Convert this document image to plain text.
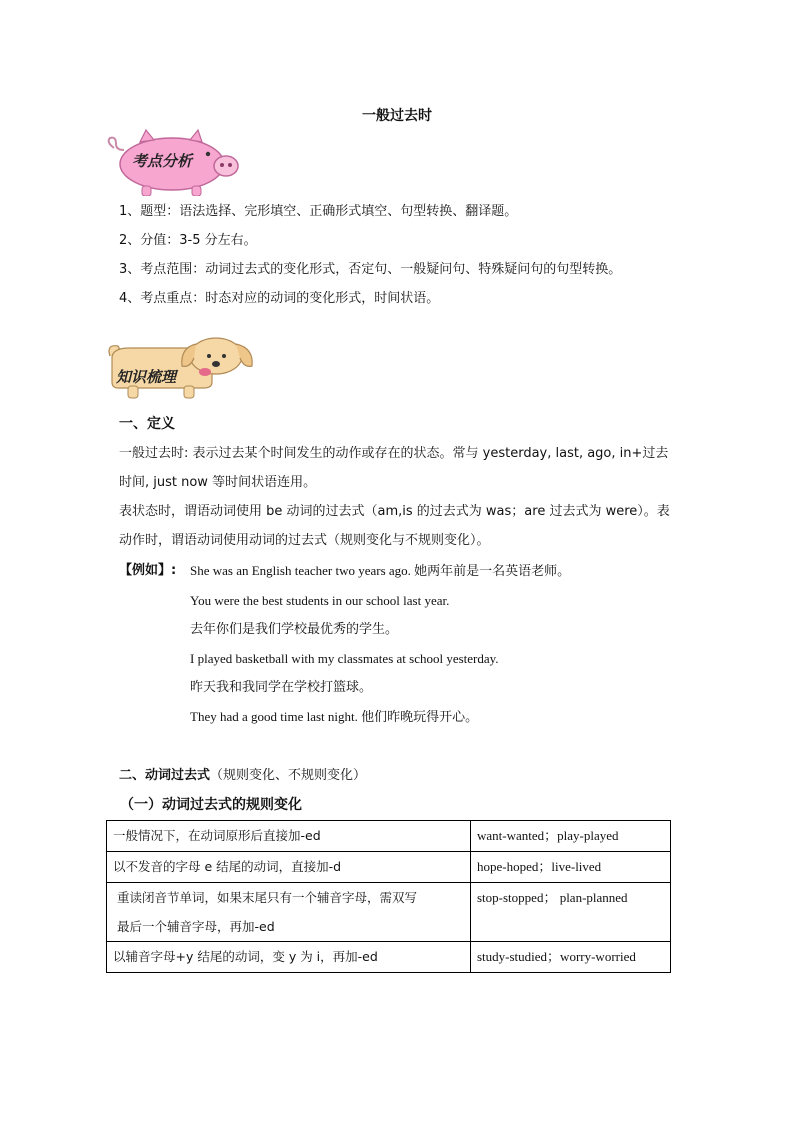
一般过去时
考点分析
1、题型：语法选择、完形填空、正确形式填空、句型转换、翻译题。
2、分值：3-5 分左右。
3、考点范围：动词过去式的变化形式，否定句、一般疑问句、特殊疑问句的句型转换。
4、考点重点：时态对应的动词的变化形式，时间状语。
知识梳理
一、定义
一般过去时: 表示过去某个时间发生的动作或存在的状态。常与 yesterday, last, ago, in+过去
时间, just now 等时间状语连用。
表状态时，谓语动词使用 be 动词的过去式（am,is 的过去式为 was；are 过去式为 were）。表
动作时，谓语动词使用动词的过去式（规则变化与不规则变化）。
【例如】: She was an English teacher two years ago. 她两年前是一名英语老师。
You were the best students in our school last year.
去年你们是我们学校最优秀的学生。
I played basketball with my classmates at school yesterday.
昨天我和我同学在学校打篮球。
They had a good time last night. 他们昨晚玩得开心。
二、动词过去式（规则变化、不规则变化）
（一）动词过去式的规则变化
一般情况下，在动词原形后直接加-ed	want-wanted；play-played
以不发音的字母 e 结尾的动词，直接加-d	hope-hoped；live-lived

重读闭音节单词，如果末尾只有一个辅音字母，需双写
最后一个辅音字母，再加-ed	stop-stopped； plan-planned
以辅音字母+y 结尾的动词，变 y 为 i，再加-ed	study-studied；worry-worried
